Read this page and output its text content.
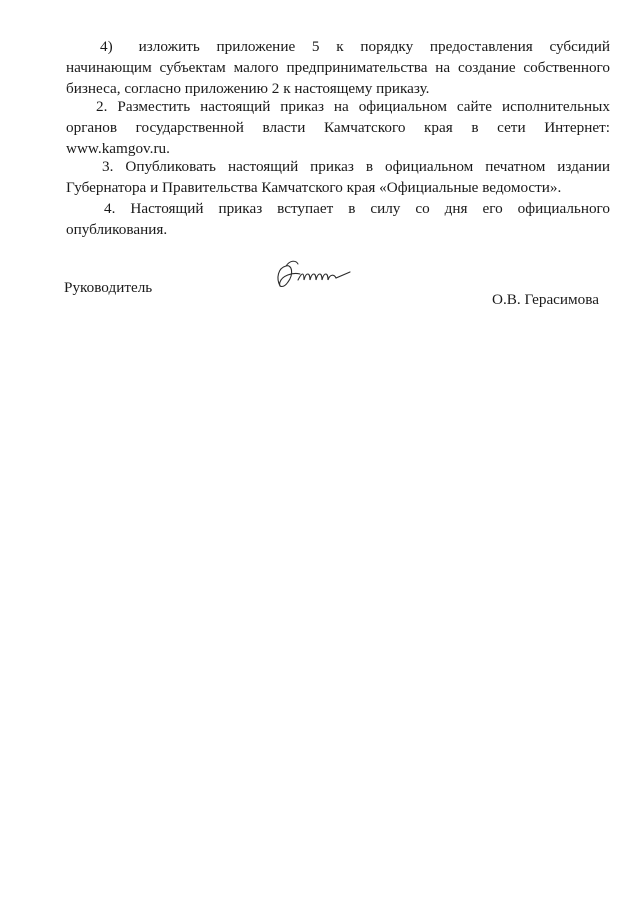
4) изложить приложение 5 к порядку предоставления субсидий начинающим субъектам малого предпринимательства на создание собственного бизнеса, согласно приложению 2 к настоящему приказу.

2. Разместить настоящий приказ на официальном сайте исполнительных органов государственной власти Камчатского края в сети Интернет: www.kamgov.ru.

3. Опубликовать настоящий приказ в официальном печатном издании Губернатора и Правительства Камчатского края «Официальные ведомости».

4. Настоящий приказ вступает в силу со дня его официального опубликования.

Руководитель
О.В. Герасимова
